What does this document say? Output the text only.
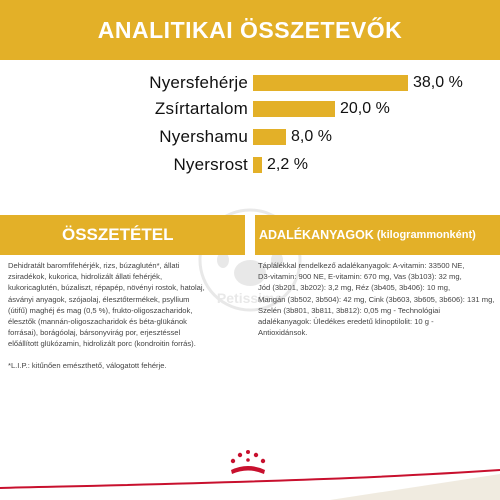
ANALITIKAI ÖSSZETEVŐK
Nyersfehérje	38,0 %
Zsírtartalom	20,0 %
Nyershamu	8,0 %
Nyersrost 2,2 %
Petissimo
ÖSSZETÉTEL
Dehidratált baromfifehérjék, rizs, búzaglutén*, állati
zsiradékok, kukorica, hidrolizált állati fehérjék,
kukoricaglutén, búzaliszt, répapép, növényi rostok, hatolaj,
ásványi anyagok, szójaolaj, élesztőtermékek, psyllium
(útifű) maghéj és mag (0,5 %), frukto-oligoszacharidok,
élesztők (mannán-oligoszacharidok és béta-glükánok
forrásai), borágóolaj, bársonyvirág por, erjesztéssel
előállított glükózamin, hidrolizált porc (kondroitin forrás).
*L.I.P.: kitűnően emészthető, válogatott fehérje.
ADALÉKANYAGOK (kilogrammonként)
Táplálékkal rendelkező adalékanyagok: A-vitamin: 33500 NE,
D3-vitamin: 900 NE, E-vitamin: 670 mg, Vas (3b103): 32 mg,
Jód (3b201, 3b202): 3,2 mg, Réz (3b405, 3b406): 10 mg,
Mangán (3b502, 3b504): 42 mg, Cink (3b603, 3b605, 3b606): 131 mg,
Szelén (3b801, 3b811, 3b812): 0,05 mg - Technológiai
adalékanyagok: Üledékes eredetű klinoptilolit: 10 g -
Antioxidánsok.
